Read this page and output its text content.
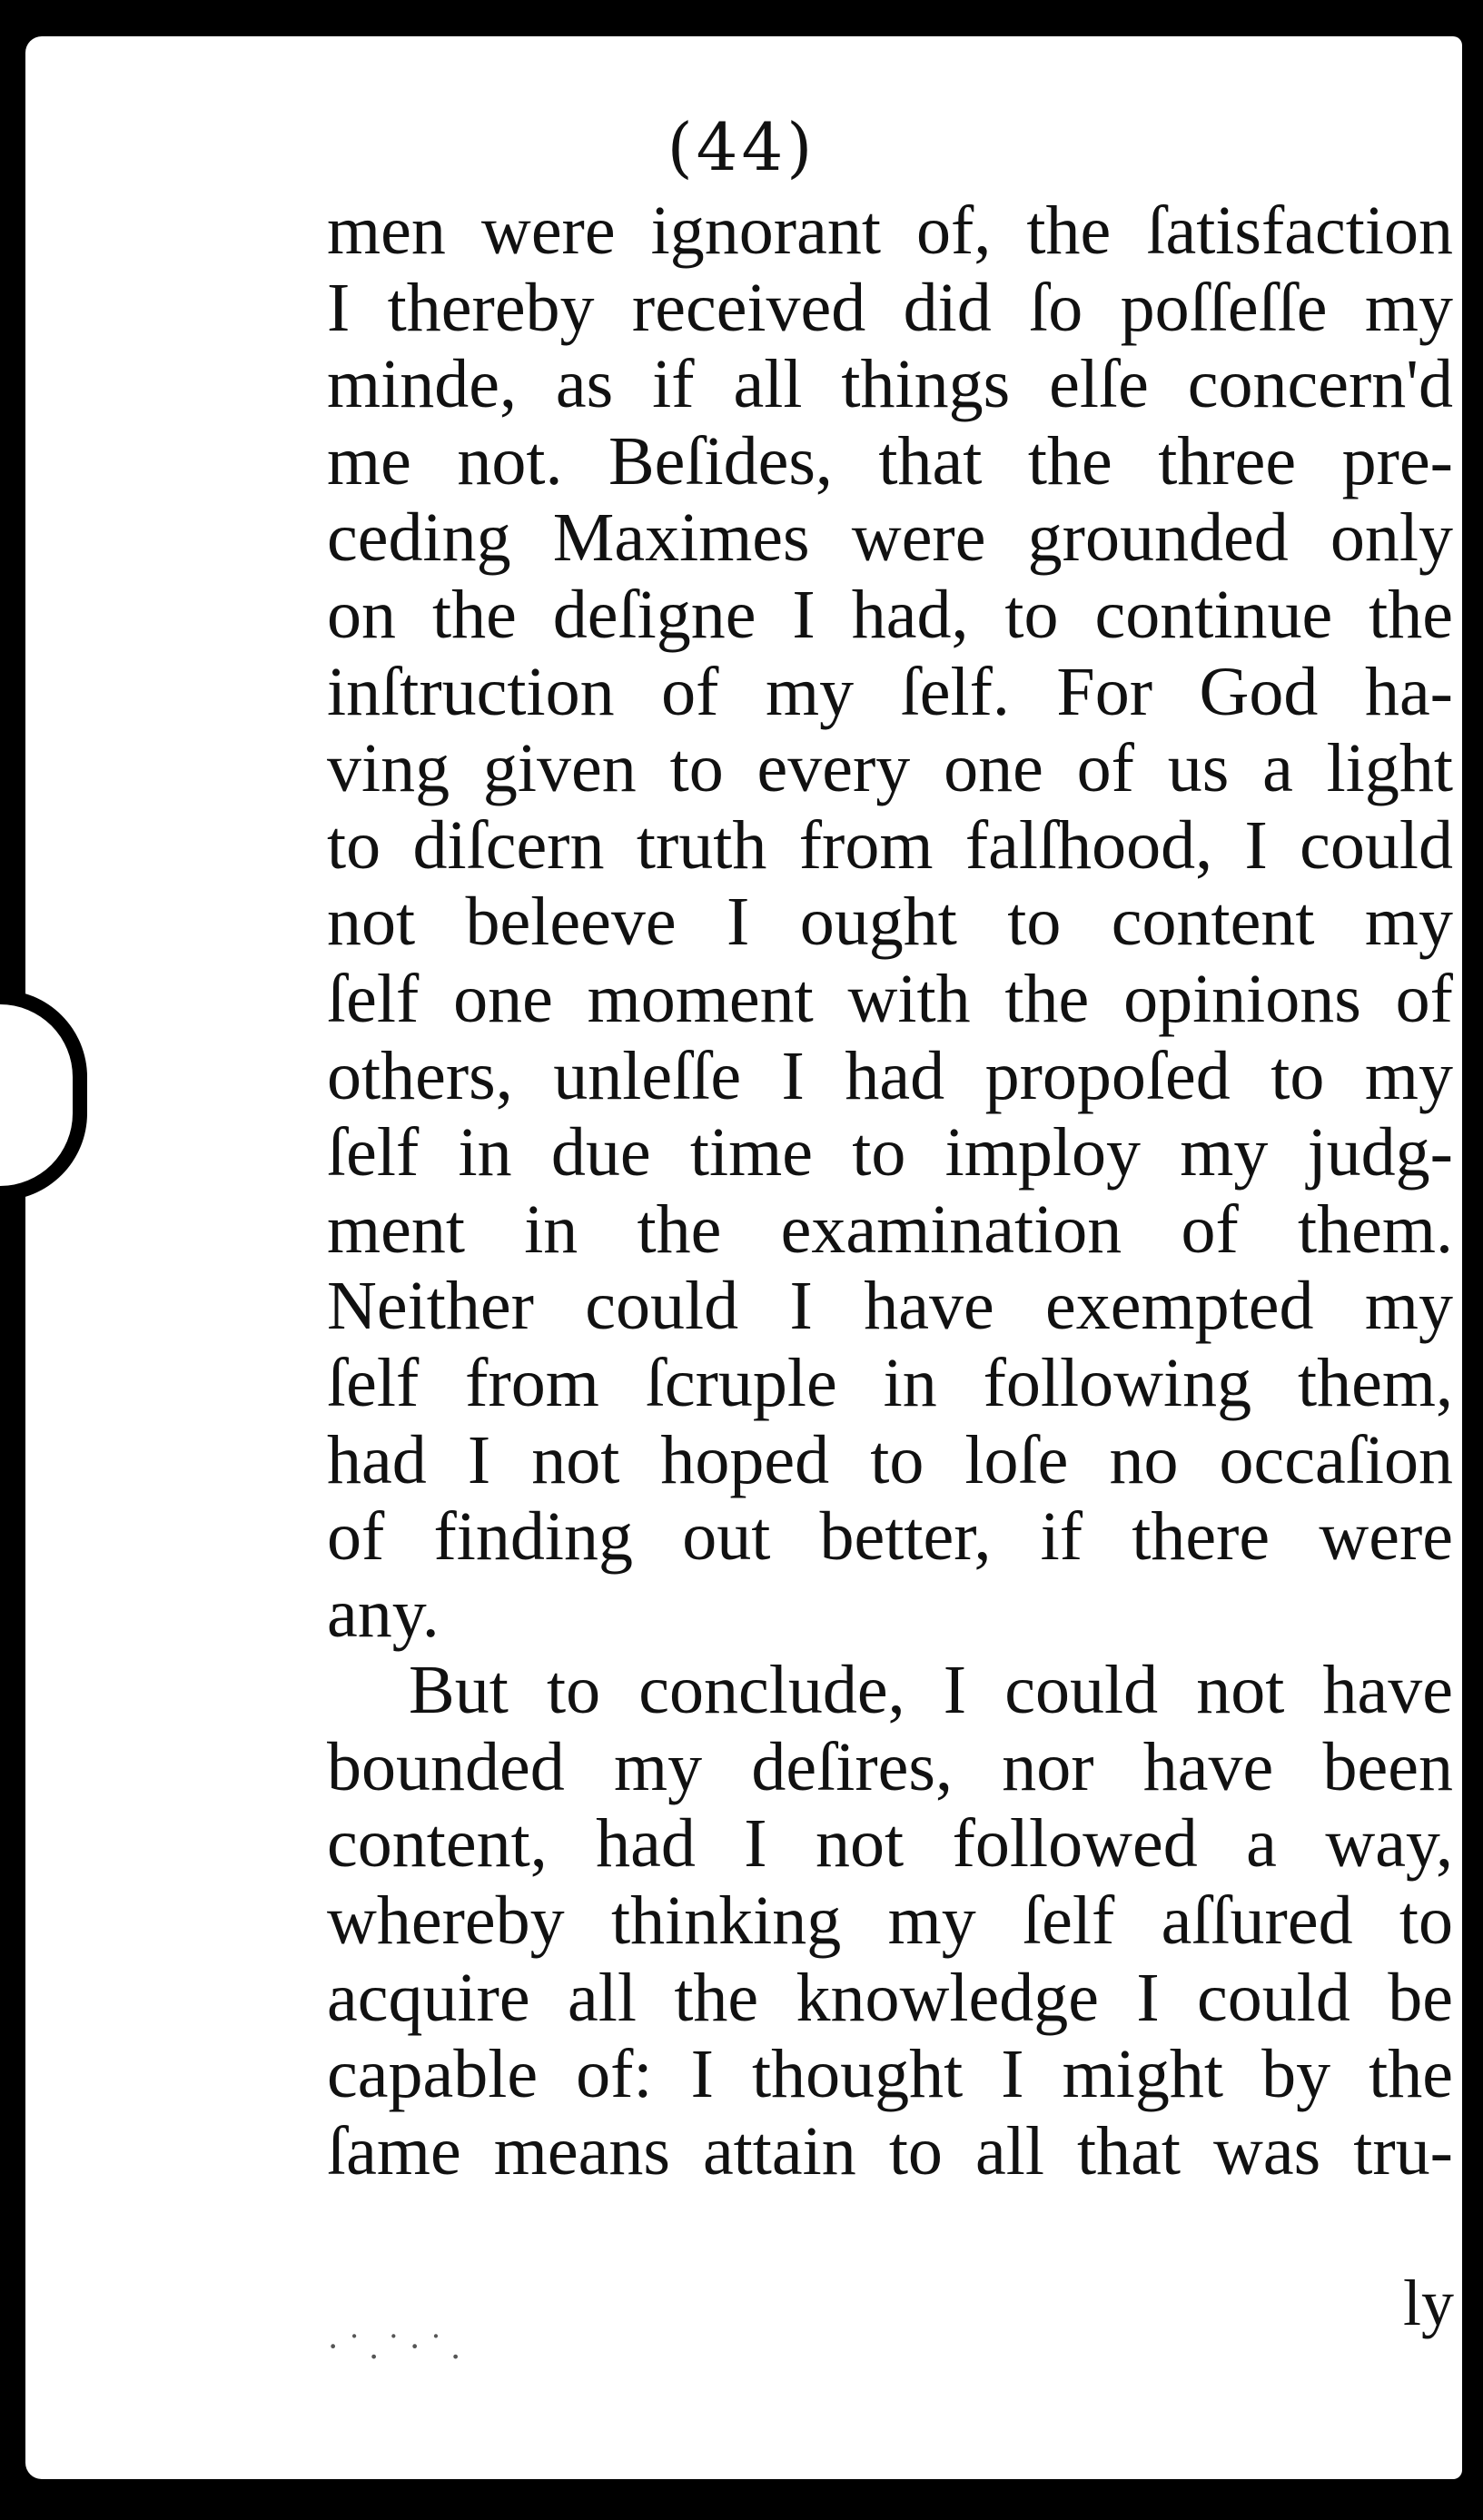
(44)
men were ignorant of, the ſatisfaction
I thereby received did ſo poſſeſſe my
minde, as if all things elſe concern'd
me not. Beſides, that the three pre-
ceding Maximes were grounded only
on the deſigne I had, to continue the
inſtruction of my ſelf. For God ha-
ving given to every one of us a light
to diſcern truth from falſhood, I could
not beleeve I ought to content my
ſelf one moment with the opinions of
others, unleſſe I had propoſed to my
ſelf in due time to imploy my judg-
ment in the examination of them.
Neither could I have exempted my
ſelf from ſcruple in following them,
had I not hoped to loſe no occaſion
of finding out better, if there were
any.
But to conclude, I could not have
bounded my deſires, nor have been
content, had I not followed a way,
whereby thinking my ſelf aſſured to
acquire all the knowledge I could be
capable of: I thought I might by the
ſame means attain to all that was tru-
ly
· ˙ . ˙ · ˙ .
